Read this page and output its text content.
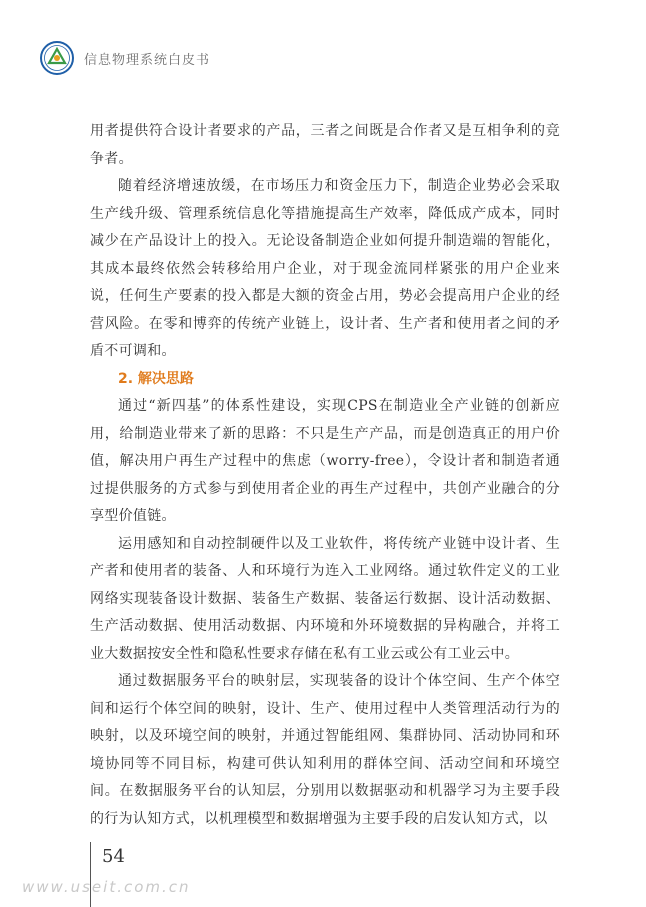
信息物理系统白皮书

用者提供符合设计者要求的产品，三者之间既是合作者又是互相争利的竞争者。

随着经济增速放缓，在市场压力和资金压力下，制造企业势必会采取生产线升级、管理系统信息化等措施提高生产效率，降低成产成本，同时减少在产品设计上的投入。无论设备制造企业如何提升制造端的智能化，其成本最终依然会转移给用户企业，对于现金流同样紧张的用户企业来说，任何生产要素的投入都是大额的资金占用，势必会提高用户企业的经营风险。在零和博弈的传统产业链上，设计者、生产者和使用者之间的矛盾不可调和。

2. 解决思路

通过“新四基”的体系性建设，实现CPS在制造业全产业链的创新应用，给制造业带来了新的思路：不只是生产产品，而是创造真正的用户价值，解决用户再生产过程中的焦虑（worry-free），令设计者和制造者通过提供服务的方式参与到使用者企业的再生产过程中，共创产业融合的分享型价值链。

运用感知和自动控制硬件以及工业软件，将传统产业链中设计者、生产者和使用者的装备、人和环境行为连入工业网络。通过软件定义的工业网络实现装备设计数据、装备生产数据、装备运行数据、设计活动数据、生产活动数据、使用活动数据、内环境和外环境数据的异构融合，并将工业大数据按安全性和隐私性要求存储在私有工业云或公有工业云中。

通过数据服务平台的映射层，实现装备的设计个体空间、生产个体空间和运行个体空间的映射，设计、生产、使用过程中人类管理活动行为的映射，以及环境空间的映射，并通过智能组网、集群协同、活动协同和环境协同等不同目标，构建可供认知利用的群体空间、活动空间和环境空间。在数据服务平台的认知层，分别用以数据驱动和机器学习为主要手段的行为认知方式，以机理模型和数据增强为主要手段的启发认知方式，以

54
www.useit.com.cn
